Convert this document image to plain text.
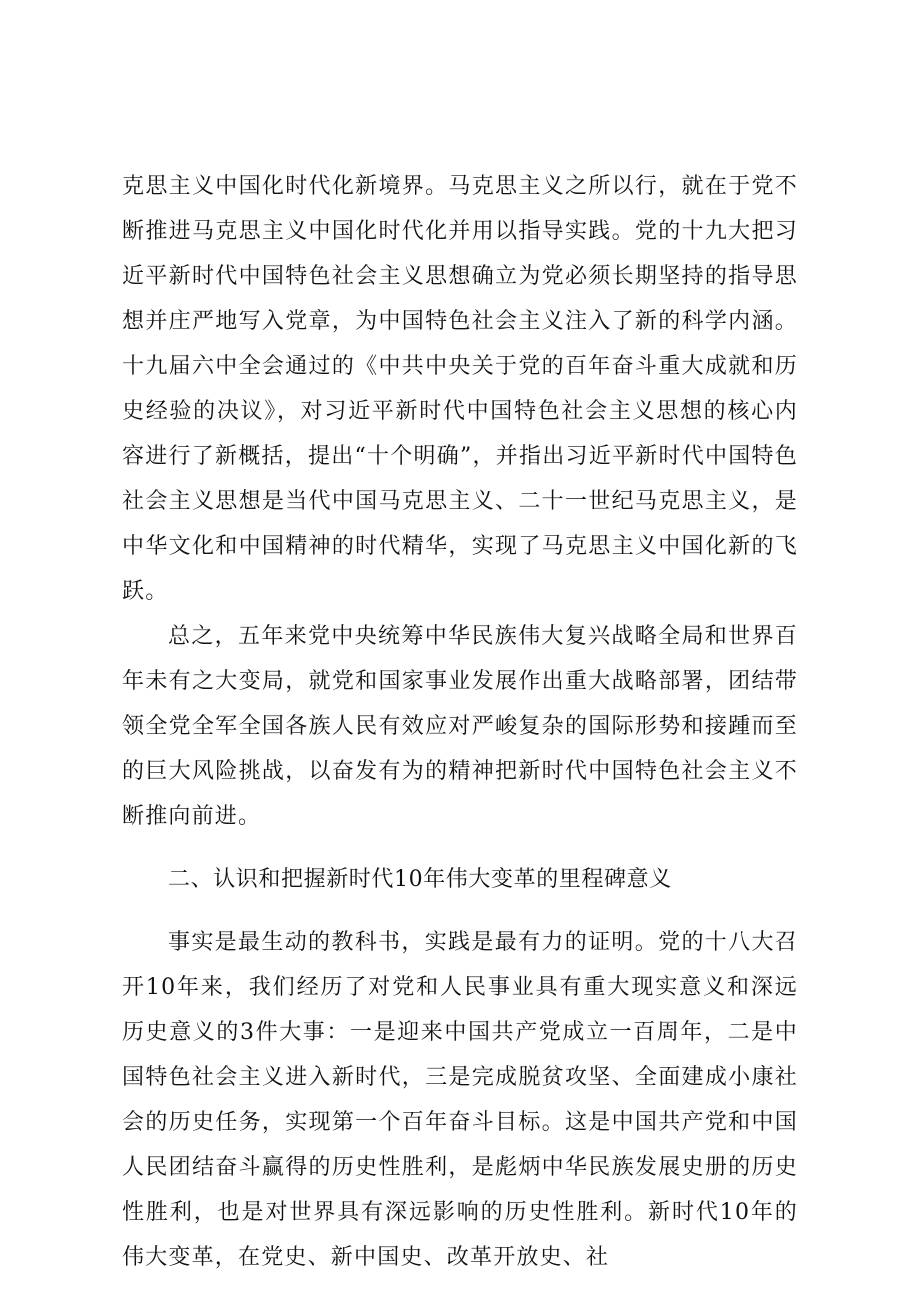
克思主义中国化时代化新境界。马克思主义之所以行，就在于党不断推进马克思主义中国化时代化并用以指导实践。党的十九大把习近平新时代中国特色社会主义思想确立为党必须长期坚持的指导思想并庄严地写入党章，为中国特色社会主义注入了新的科学内涵。十九届六中全会通过的《中共中央关于党的百年奋斗重大成就和历史经验的决议》，对习近平新时代中国特色社会主义思想的核心内容进行了新概括，提出“十个明确”，并指出习近平新时代中国特色社会主义思想是当代中国马克思主义、二十一世纪马克思主义，是中华文化和中国精神的时代精华，实现了马克思主义中国化新的飞跃。

总之，五年来党中央统筹中华民族伟大复兴战略全局和世界百年未有之大变局，就党和国家事业发展作出重大战略部署，团结带领全党全军全国各族人民有效应对严峻复杂的国际形势和接踵而至的巨大风险挑战，以奋发有为的精神把新时代中国特色社会主义不断推向前进。

二、认识和把握新时代10年伟大变革的里程碑意义

事实是最生动的教科书，实践是最有力的证明。党的十八大召开10年来，我们经历了对党和人民事业具有重大现实意义和深远历史意义的3件大事：一是迎来中国共产党成立一百周年，二是中国特色社会主义进入新时代，三是完成脱贫攻坚、全面建成小康社会的历史任务，实现第一个百年奋斗目标。这是中国共产党和中国人民团结奋斗赢得的历史性胜利，是彪炳中华民族发展史册的历史性胜利，也是对世界具有深远影响的历史性胜利。新时代10年的伟大变革，在党史、新中国史、改革开放史、社
